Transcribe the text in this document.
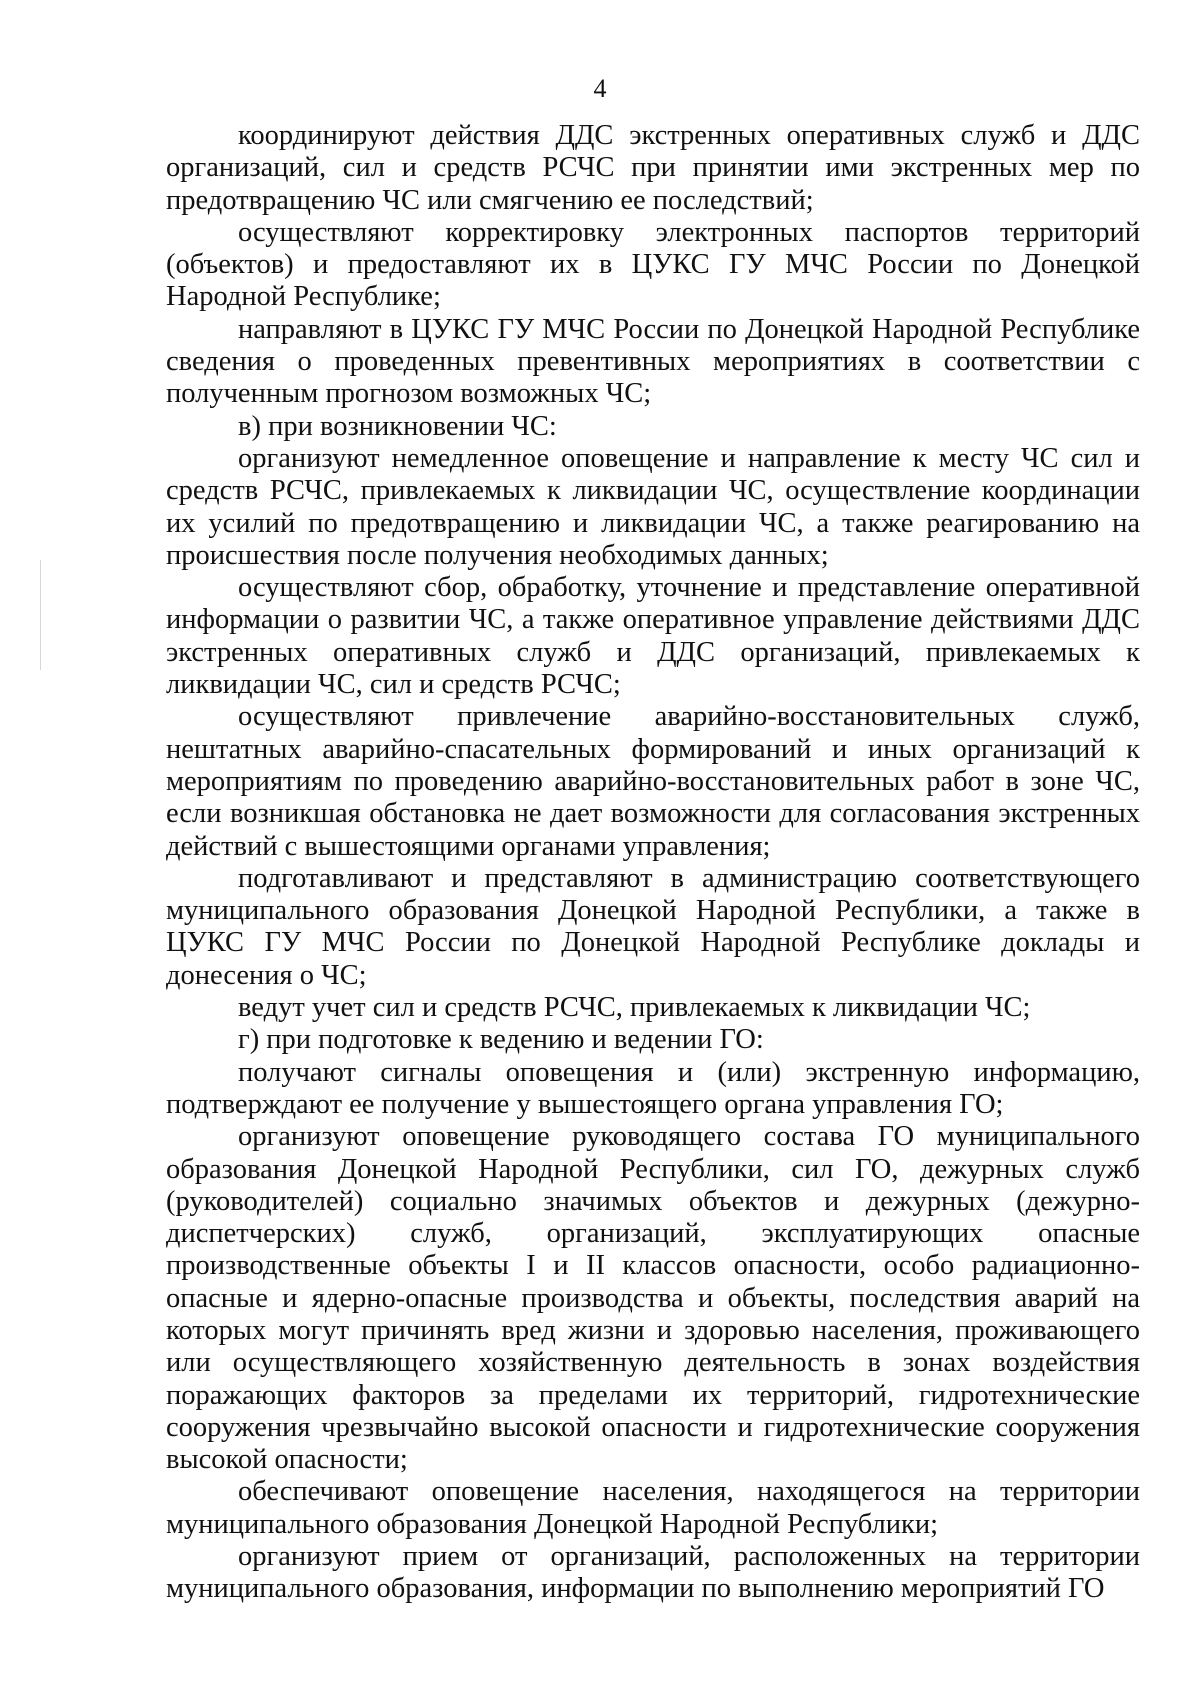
4

координируют действия ДДС экстренных оперативных служб и ДДС организаций, сил и средств РСЧС при принятии ими экстренных мер по предотвращению ЧС или смягчению ее последствий;

осуществляют корректировку электронных паспортов территорий (объектов) и предоставляют их в ЦУКС ГУ МЧС России по Донецкой Народной Республике;

направляют в ЦУКС ГУ МЧС России по Донецкой Народной Республике сведения о проведенных превентивных мероприятиях в соответствии с полученным прогнозом возможных ЧС;

в) при возникновении ЧС:

организуют немедленное оповещение и направление к месту ЧС сил и средств РСЧС, привлекаемых к ликвидации ЧС, осуществление координации их усилий по предотвращению и ликвидации ЧС, а также реагированию на происшествия после получения необходимых данных;

осуществляют сбор, обработку, уточнение и представление оперативной информации о развитии ЧС, а также оперативное управление действиями ДДС экстренных оперативных служб и ДДС организаций, привлекаемых к ликвидации ЧС, сил и средств РСЧС;

осуществляют привлечение аварийно-восстановительных служб, нештатных аварийно-спасательных формирований и иных организаций к мероприятиям по проведению аварийно-восстановительных работ в зоне ЧС, если возникшая обстановка не дает возможности для согласования экстренных действий с вышестоящими органами управления;

подготавливают и представляют в администрацию соответствующего муниципального образования Донецкой Народной Республики, а также в ЦУКС ГУ МЧС России по Донецкой Народной Республике доклады и донесения о ЧС;

ведут учет сил и средств РСЧС, привлекаемых к ликвидации ЧС;

г) при подготовке к ведению и ведении ГО:

получают сигналы оповещения и (или) экстренную информацию, подтверждают ее получение у вышестоящего органа управления ГО;

организуют оповещение руководящего состава ГО муниципального образования Донецкой Народной Республики, сил ГО, дежурных служб (руководителей) социально значимых объектов и дежурных (дежурно-диспетчерских) служб, организаций, эксплуатирующих опасные производственные объекты I и II классов опасности, особо радиационно-опасные и ядерно-опасные производства и объекты, последствия аварий на которых могут причинять вред жизни и здоровью населения, проживающего или осуществляющего хозяйственную деятельность в зонах воздействия поражающих факторов за пределами их территорий, гидротехнические сооружения чрезвычайно высокой опасности и гидротехнические сооружения высокой опасности;

обеспечивают оповещение населения, находящегося на территории муниципального образования Донецкой Народной Республики;

организуют прием от организаций, расположенных на территории муниципального образования, информации по выполнению мероприятий ГО
